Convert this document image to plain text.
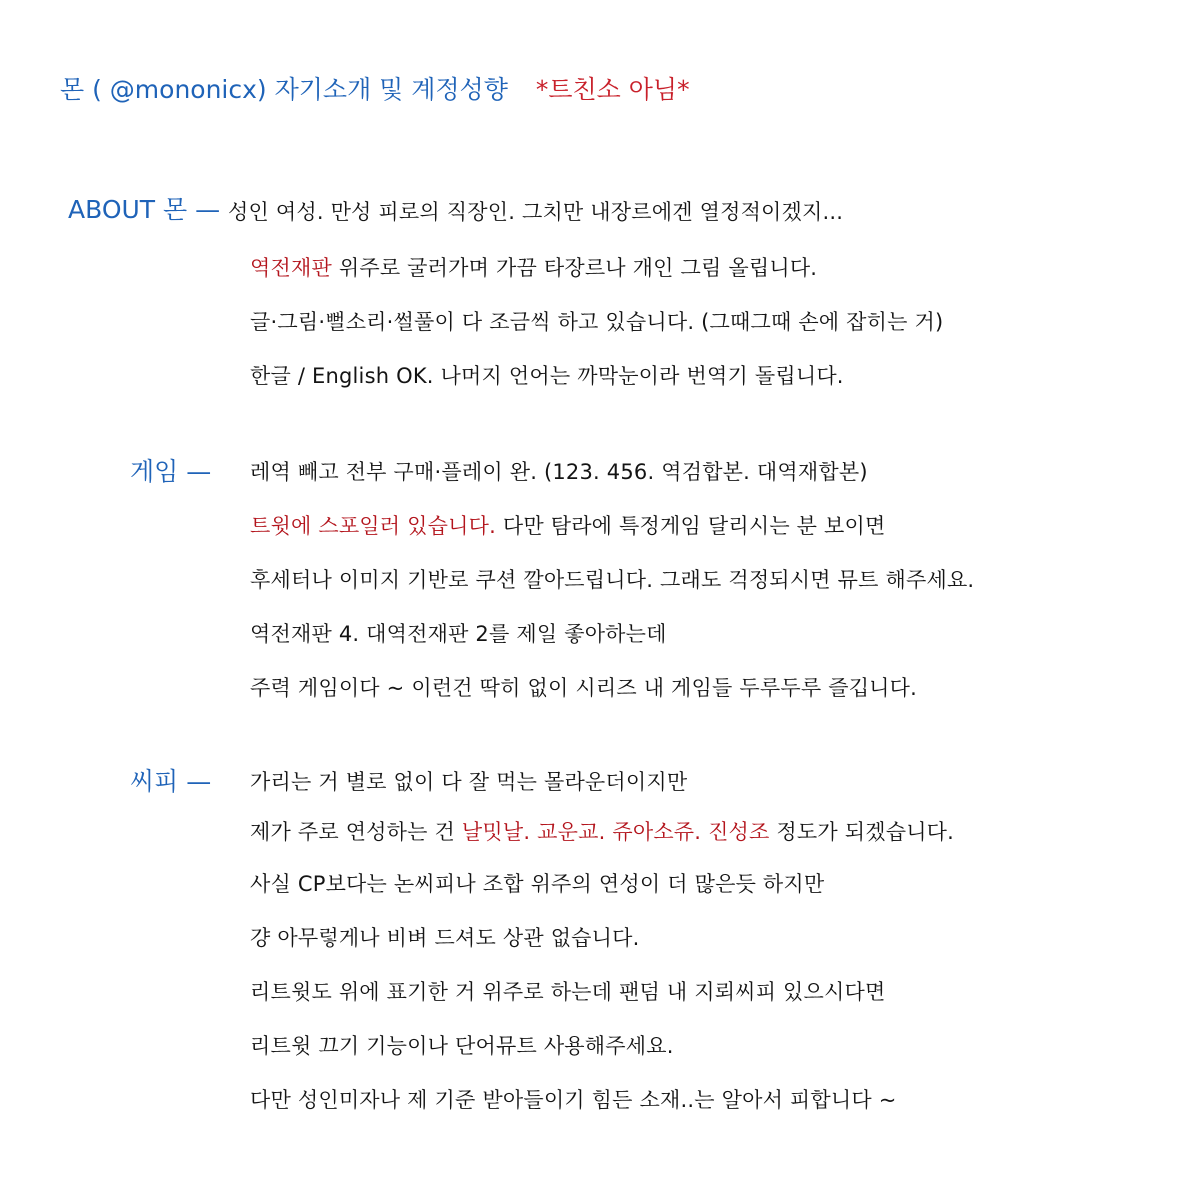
몬 ( @mononicx) 자기소개 및 계정성향 *트친소 아님*
ABOUT 몬 — 성인 여성. 만성 피로의 직장인. 그치만 내장르에겐 열정적이겠지...
역전재판 위주로 굴러가며 가끔 타장르나 개인 그림 올립니다.
글·그림·뻘소리·썰풀이 다 조금씩 하고 있습니다. (그때그때 손에 잡히는 거)
한글 / English OK. 나머지 언어는 까막눈이라 번역기 돌립니다.
게임 — 레역 빼고 전부 구매·플레이 완. (123. 456. 역검합본. 대역재합본)
트윗에 스포일러 있습니다. 다만 탐라에 특정게임 달리시는 분 보이면
후세터나 이미지 기반로 쿠션 깔아드립니다. 그래도 걱정되시면 뮤트 해주세요.
역전재판 4. 대역전재판 2를 제일 좋아하는데
주력 게임이다 ~ 이런건 딱히 없이 시리즈 내 게임들 두루두루 즐깁니다.
씨피 — 가리는 거 별로 없이 다 잘 먹는 몰라운더이지만
제가 주로 연성하는 건 날밋날. 교운교. 쥬아소쥬. 진성조 정도가 되겠습니다.
사실 CP보다는 논씨피나 조합 위주의 연성이 더 많은듯 하지만
걍 아무렇게나 비벼 드셔도 상관 없습니다.
리트윗도 위에 표기한 거 위주로 하는데 팬덤 내 지뢰씨피 있으시다면
리트윗 끄기 기능이나 단어뮤트 사용해주세요.
다만 성인미자나 제 기준 받아들이기 힘든 소재..는 알아서 피합니다 ~
